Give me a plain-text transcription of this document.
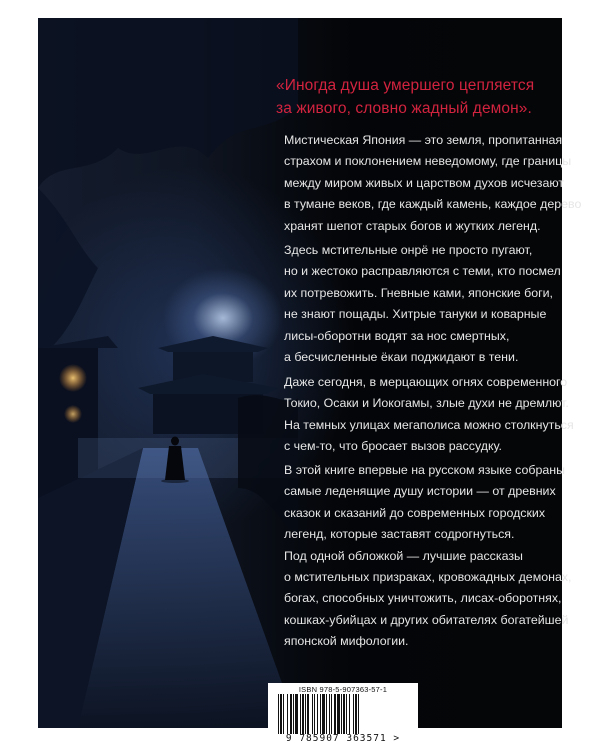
«Иногда душа умершего цепляется
за живого, словно жадный демон».
Мистическая Япония — это земля, пропитанная
страхом и поклонением неведомому, где границы
между миром живых и царством духов исчезают
в тумане веков, где каждый камень, каждое дерево
хранят шепот старых богов и жутких легенд.
Здесь мстительные онрё не просто пугают,
но и жестоко расправляются с теми, кто посмел
их потревожить. Гневные ками, японские боги,
не знают пощады. Хитрые тануки и коварные
лисы-оборотни водят за нос смертных,
а бесчисленные ёкаи поджидают в тени.
Даже сегодня, в мерцающих огнях современного
Токио, Осаки и Иокогамы, злые духи не дремлют.
На темных улицах мегаполиса можно столкнуться
с чем-то, что бросает вызов рассудку.
В этой книге впервые на русском языке собраны
самые леденящие душу истории — от древних
сказок и сказаний до современных городских
легенд, которые заставят содрогнуться.
Под одной обложкой — лучшие рассказы
о мстительных призраках, кровожадных демонах,
богах, способных уничтожить, лисах-оборотнях,
кошках-убийцах и других обитателях богатейшей
японской мифологии.
ISBN 978-5-907363-57-1
9 785907 363571 >
